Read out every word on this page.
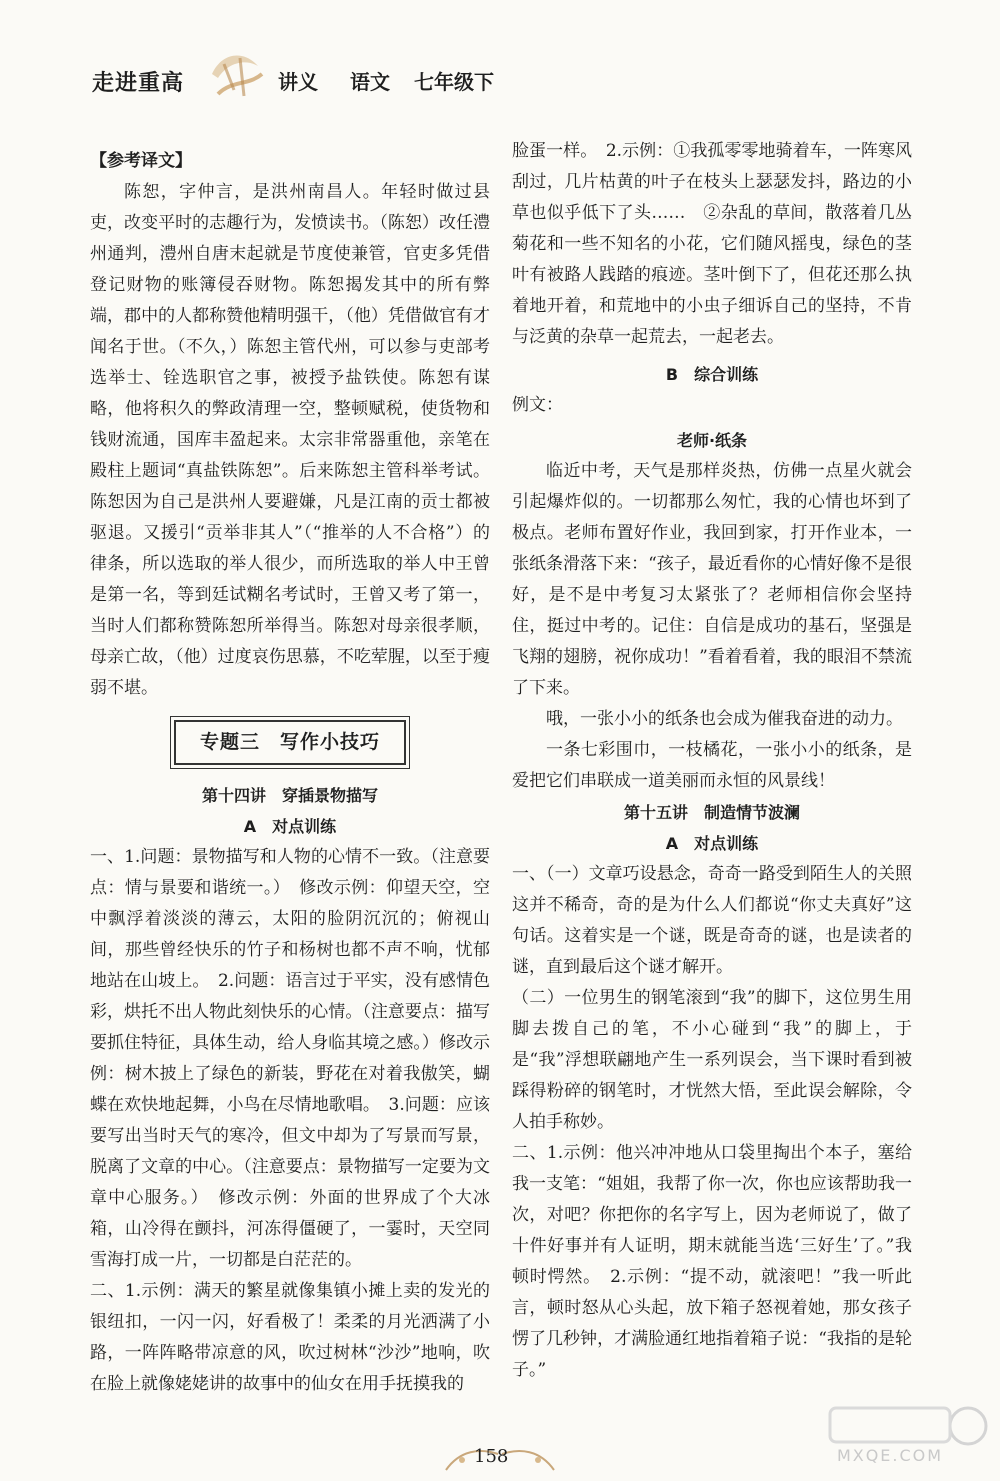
走进重高	讲义 语文 七年级下

【参考译文】

陈恕，字仲言，是洪州南昌人。年轻时做过县吏，改变平时的志趣行为，发愤读书。（陈恕）改任澧州通判，澧州自唐末起就是节度使兼管，官吏多凭借登记财物的账簿侵吞财物。陈恕揭发其中的所有弊端，郡中的人都称赞他精明强干，（他）凭借做官有才闻名于世。（不久，）陈恕主管代州，可以参与吏部考选举士、铨选职官之事，被授予盐铁使。陈恕有谋略，他将积久的弊政清理一空，整顿赋税，使货物和钱财流通，国库丰盈起来。太宗非常器重他，亲笔在殿柱上题词“真盐铁陈恕”。后来陈恕主管科举考试。陈恕因为自己是洪州人要避嫌，凡是江南的贡士都被驱退。又援引“贡举非其人”（“推举的人不合格”）的律条，所以选取的举人很少，而所选取的举人中王曾是第一名，等到廷试糊名考试时，王曾又考了第一，当时人们都称赞陈恕所举得当。陈恕对母亲很孝顺，母亲亡故，（他）过度哀伤思慕，不吃荤腥，以至于瘦弱不堪。

专题三　写作小技巧

第十四讲　穿插景物描写

A　对点训练

一、1.问题：景物描写和人物的心情不一致。（注意要点：情与景要和谐统一。）　修改示例：仰望天空，空中飘浮着淡淡的薄云，太阳的脸阴沉沉的；俯视山间，那些曾经快乐的竹子和杨树也都不声不响，忧郁地站在山坡上。　2.问题：语言过于平实，没有感情色彩，烘托不出人物此刻快乐的心情。（注意要点：描写要抓住特征，具体生动，给人身临其境之感。）修改示例：树木披上了绿色的新装，野花在对着我傲笑，蝴蝶在欢快地起舞，小鸟在尽情地歌唱。　3.问题：应该要写出当时天气的寒冷，但文中却为了写景而写景，脱离了文章的中心。（注意要点：景物描写一定要为文章中心服务。）　修改示例：外面的世界成了个大冰箱，山冷得在颤抖，河冻得僵硬了，一霎时，天空同雪海打成一片，一切都是白茫茫的。

二、1.示例：满天的繁星就像集镇小摊上卖的发光的银纽扣，一闪一闪，好看极了！柔柔的月光洒满了小路，一阵阵略带凉意的风，吹过树林“沙沙”地响，吹在脸上就像姥姥讲的故事中的仙女在用手抚摸我的

脸蛋一样。　2.示例：①我孤零零地骑着车，一阵寒风刮过，几片枯黄的叶子在枝头上瑟瑟发抖，路边的小草也似乎低下了头……　②杂乱的草间，散落着几丛菊花和一些不知名的小花，它们随风摇曳，绿色的茎叶有被路人践踏的痕迹。茎叶倒下了，但花还那么执着地开着，和荒地中的小虫子细诉自己的坚持，不肯与泛黄的杂草一起荒去，一起老去。

B　综合训练

例文：

老师·纸条

临近中考，天气是那样炎热，仿佛一点星火就会引起爆炸似的。一切都那么匆忙，我的心情也坏到了极点。老师布置好作业，我回到家，打开作业本，一张纸条滑落下来：“孩子，最近看你的心情好像不是很好，是不是中考复习太紧张了？老师相信你会坚持住，挺过中考的。记住：自信是成功的基石，坚强是飞翔的翅膀，祝你成功！”看着看着，我的眼泪不禁流了下来。

哦，一张小小的纸条也会成为催我奋进的动力。

一条七彩围巾，一枝橘花，一张小小的纸条，是爱把它们串联成一道美丽而永恒的风景线！

第十五讲　制造情节波澜

A　对点训练

一、（一）文章巧设悬念，奇奇一路受到陌生人的关照这并不稀奇，奇的是为什么人们都说“你丈夫真好”这句话。这着实是一个谜，既是奇奇的谜，也是读者的谜，直到最后这个谜才解开。

（二）一位男生的钢笔滚到“我”的脚下，这位男生用脚去拨自己的笔，不小心碰到“我”的脚上，于是“我”浮想联翩地产生一系列误会，当下课时看到被踩得粉碎的钢笔时，才恍然大悟，至此误会解除，令人拍手称妙。

二、1.示例：他兴冲冲地从口袋里掏出个本子，塞给我一支笔：“姐姐，我帮了你一次，你也应该帮助我一次，对吧？你把你的名字写上，因为老师说了，做了十件好事并有人证明，期末就能当选‘三好生’了。”我顿时愕然。　2.示例：“提不动，就滚吧！”我一听此言，顿时怒从心头起，放下箱子怒视着她，那女孩子愣了几秒钟，才满脸通红地指着箱子说：“我指的是轮子。”

158	MXQE.COM
